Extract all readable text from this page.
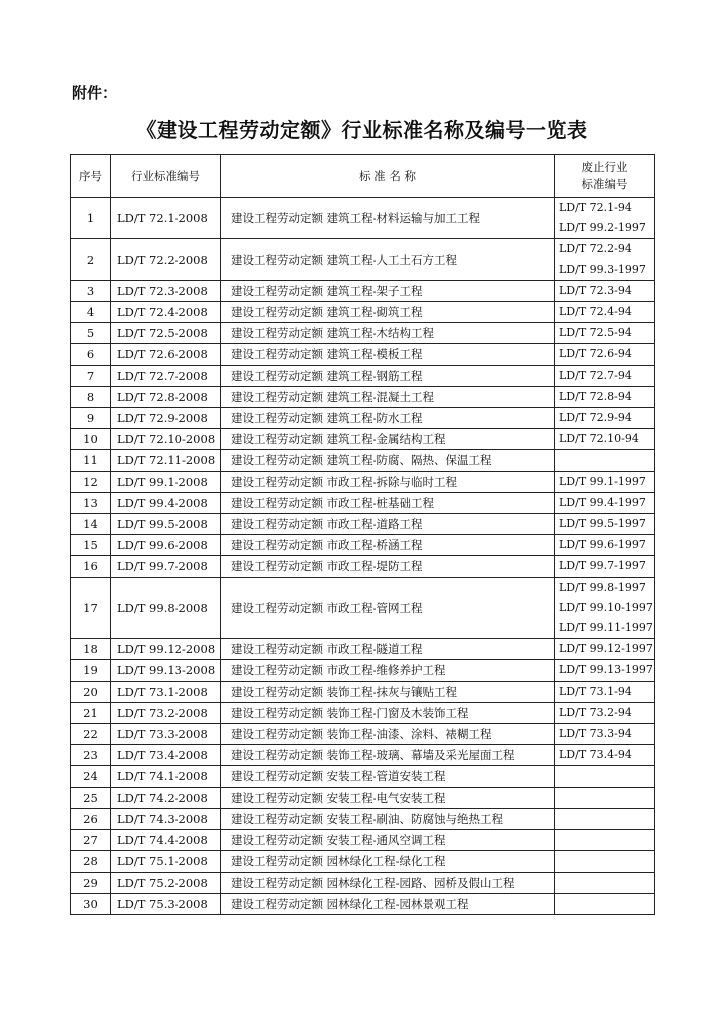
附件：
《建设工程劳动定额》行业标准名称及编号一览表
序号	行业标准编号	标 准 名 称	废止行业
标准编号

1	LD/T 72.1-2008	建设工程劳动定额 建筑工程-材料运输与加工工程	LD/T 72.1-94
LD/T 99.2-1997

2	LD/T 72.2-2008	建设工程劳动定额 建筑工程-人工土石方工程	LD/T 72.2-94
LD/T 99.3-1997

3	LD/T 72.3-2008	建设工程劳动定额 建筑工程-架子工程	LD/T 72.3-94

4	LD/T 72.4-2008	建设工程劳动定额 建筑工程-砌筑工程	LD/T 72.4-94

5	LD/T 72.5-2008	建设工程劳动定额 建筑工程-木结构工程	LD/T 72.5-94

6	LD/T 72.6-2008	建设工程劳动定额 建筑工程-模板工程	LD/T 72.6-94

7	LD/T 72.7-2008	建设工程劳动定额 建筑工程-钢筋工程	LD/T 72.7-94

8	LD/T 72.8-2008	建设工程劳动定额 建筑工程-混凝土工程	LD/T 72.8-94

9	LD/T 72.9-2008	建设工程劳动定额 建筑工程-防水工程	LD/T 72.9-94

10	LD/T 72.10-2008	建设工程劳动定额 建筑工程-金属结构工程	LD/T 72.10-94

11	LD/T 72.11-2008	建设工程劳动定额 建筑工程-防腐、隔热、保温工程	
12	LD/T 99.1-2008	建设工程劳动定额 市政工程-拆除与临时工程	LD/T 99.1-1997

13	LD/T 99.4-2008	建设工程劳动定额 市政工程-桩基础工程	LD/T 99.4-1997

14	LD/T 99.5-2008	建设工程劳动定额 市政工程-道路工程	LD/T 99.5-1997

15	LD/T 99.6-2008	建设工程劳动定额 市政工程-桥涵工程	LD/T 99.6-1997

16	LD/T 99.7-2008	建设工程劳动定额 市政工程-堤防工程	LD/T 99.7-1997

17	LD/T 99.8-2008	建设工程劳动定额 市政工程-管网工程	LD/T 99.8-1997
LD/T 99.10-1997
LD/T 99.11-1997

18	LD/T 99.12-2008	建设工程劳动定额 市政工程-隧道工程	LD/T 99.12-1997

19	LD/T 99.13-2008	建设工程劳动定额 市政工程-维修养护工程	LD/T 99.13-1997

20	LD/T 73.1-2008	建设工程劳动定额 装饰工程-抹灰与镶贴工程	LD/T 73.1-94

21	LD/T 73.2-2008	建设工程劳动定额 装饰工程-门窗及木装饰工程	LD/T 73.2-94

22	LD/T 73.3-2008	建设工程劳动定额 装饰工程-油漆、涂料、裱糊工程	LD/T 73.3-94

23	LD/T 73.4-2008	建设工程劳动定额 装饰工程-玻璃、幕墙及采光屋面工程	LD/T 73.4-94

24	LD/T 74.1-2008	建设工程劳动定额 安装工程-管道安装工程	
25	LD/T 74.2-2008	建设工程劳动定额 安装工程-电气安装工程	
26	LD/T 74.3-2008	建设工程劳动定额 安装工程-刷油、防腐蚀与绝热工程	
27	LD/T 74.4-2008	建设工程劳动定额 安装工程-通风空调工程	
28	LD/T 75.1-2008	建设工程劳动定额 园林绿化工程-绿化工程	
29	LD/T 75.2-2008	建设工程劳动定额 园林绿化工程-园路、园桥及假山工程	
30	LD/T 75.3-2008	建设工程劳动定额 园林绿化工程-园林景观工程	
